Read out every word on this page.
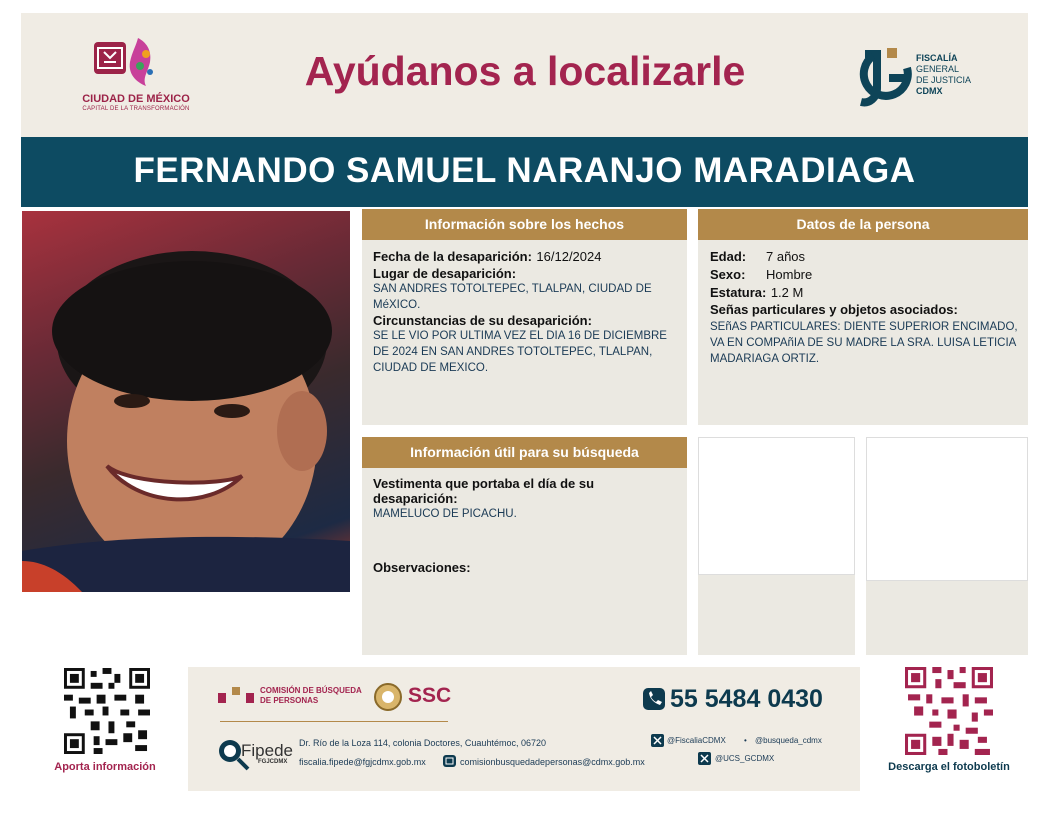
CIUDAD DE MÉXICO
CAPITAL DE LA TRANSFORMACIÓN
Ayúdanos a localizarle	FISCALÍA
GENERAL
DE JUSTICIA
CDMX
FERNANDO SAMUEL NARANJO MARADIAGA
Información sobre los hechos
Fecha de la desaparición: 16/12/2024
Lugar de desaparición:
SAN ANDRES TOTOLTEPEC, TLALPAN, CIUDAD DE MéXICO.
Circunstancias de su desaparición:
SE LE VIO POR ULTIMA VEZ EL DIA 16 DE DICIEMBRE DE 2024 EN SAN ANDRES TOTOLTEPEC, TLALPAN, CIUDAD DE MEXICO.
Datos de la persona
Edad: 7 años
Sexo: Hombre
Estatura: 1.2 M
Señas particulares y objetos asociados:
SEñAS PARTICULARES: DIENTE SUPERIOR ENCIMADO, VA EN COMPAñIA DE SU MADRE LA SRA. LUISA LETICIA MADARIAGA ORTIZ.
Información útil para su búsqueda
Vestimenta que portaba el día de su desaparición:
MAMELUCO DE PICACHU.
Observaciones:
Aporta información
COMISIÓN DE BÚSQUEDA DE PERSONAS	SSC	55 5484 0430
Fipede
FGJCDMX
Dr. Río de la Loza 114, colonia Doctores, Cuauhtémoc, 06720
fiscalia.fipede@fgjcdmx.gob.mx	comisionbusquedadepersonas@cdmx.gob.mx
@FiscaliaCDMX • @busqueda_cdmx
@UCS_GCDMX
Descarga el fotoboletín
